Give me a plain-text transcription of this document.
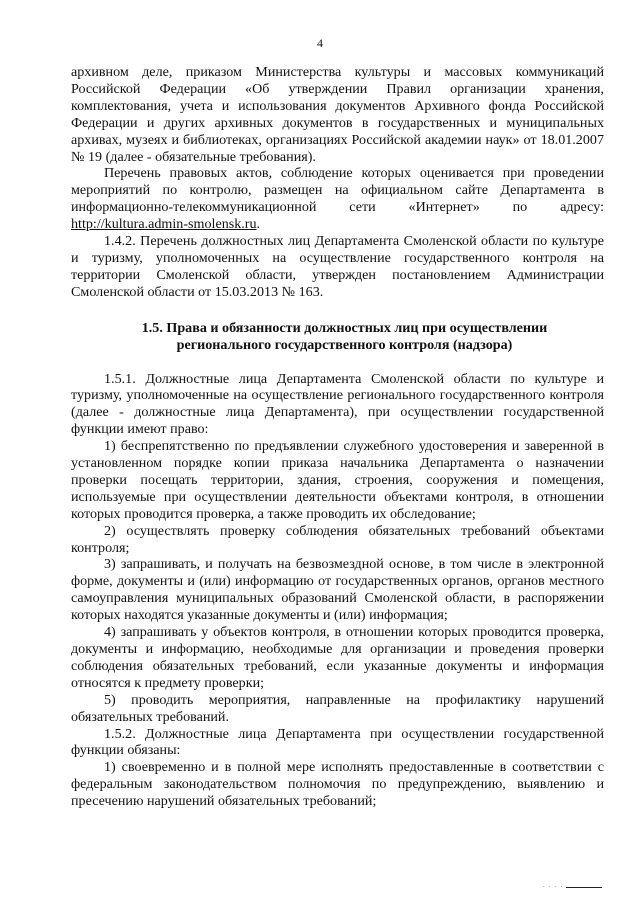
4

архивном деле, приказом Министерства культуры и массовых коммуникаций Российской Федерации «Об утверждении Правил организации хранения, комплектования, учета и использования документов Архивного фонда Российской Федерации и других архивных документов в государственных и муниципальных архивах, музеях и библиотеках, организациях Российской академии наук» от 18.01.2007 № 19 (далее - обязательные требования).

Перечень правовых актов, соблюдение которых оценивается при проведении мероприятий по контролю, размещен на официальном сайте Департамента в информационно-телекоммуникационной сети «Интернет» по адресу: http://kultura.admin-smolensk.ru.

1.4.2. Перечень должностных лиц Департамента Смоленской области по культуре и туризму, уполномоченных на осуществление государственного контроля на территории Смоленской области, утвержден постановлением Администрации Смоленской области от 15.03.2013 № 163.

1.5. Права и обязанности должностных лиц при осуществлении
регионального государственного контроля (надзора)

1.5.1. Должностные лица Департамента Смоленской области по культуре и туризму, уполномоченные на осуществление регионального государственного контроля (далее - должностные лица Департамента), при осуществлении государственной функции имеют право:

1) беспрепятственно по предъявлении служебного удостоверения и заверенной в установленном порядке копии приказа начальника Департамента о назначении проверки посещать территории, здания, строения, сооружения и помещения, используемые при осуществлении деятельности объектами контроля, в отношении которых проводится проверка, а также проводить их обследование;

2) осуществлять проверку соблюдения обязательных требований объектами контроля;

3) запрашивать, и получать на безвозмездной основе, в том числе в электронной форме, документы и (или) информацию от государственных органов, органов местного самоуправления муниципальных образований Смоленской области, в распоряжении которых находятся указанные документы и (или) информация;

4) запрашивать у объектов контроля, в отношении которых проводится проверка, документы и информацию, необходимые для организации и проведения проверки соблюдения обязательных требований, если указанные документы и информация относятся к предмету проверки;

5) проводить мероприятия, направленные на профилактику нарушений обязательных требований.

1.5.2. Должностные лица Департамента при осуществлении государственной функции обязаны:

1) своевременно и в полной мере исполнять предоставленные в соответствии с федеральным законодательством полномочия по предупреждению, выявлению и пресечению нарушений обязательных требований;

· · · ·
